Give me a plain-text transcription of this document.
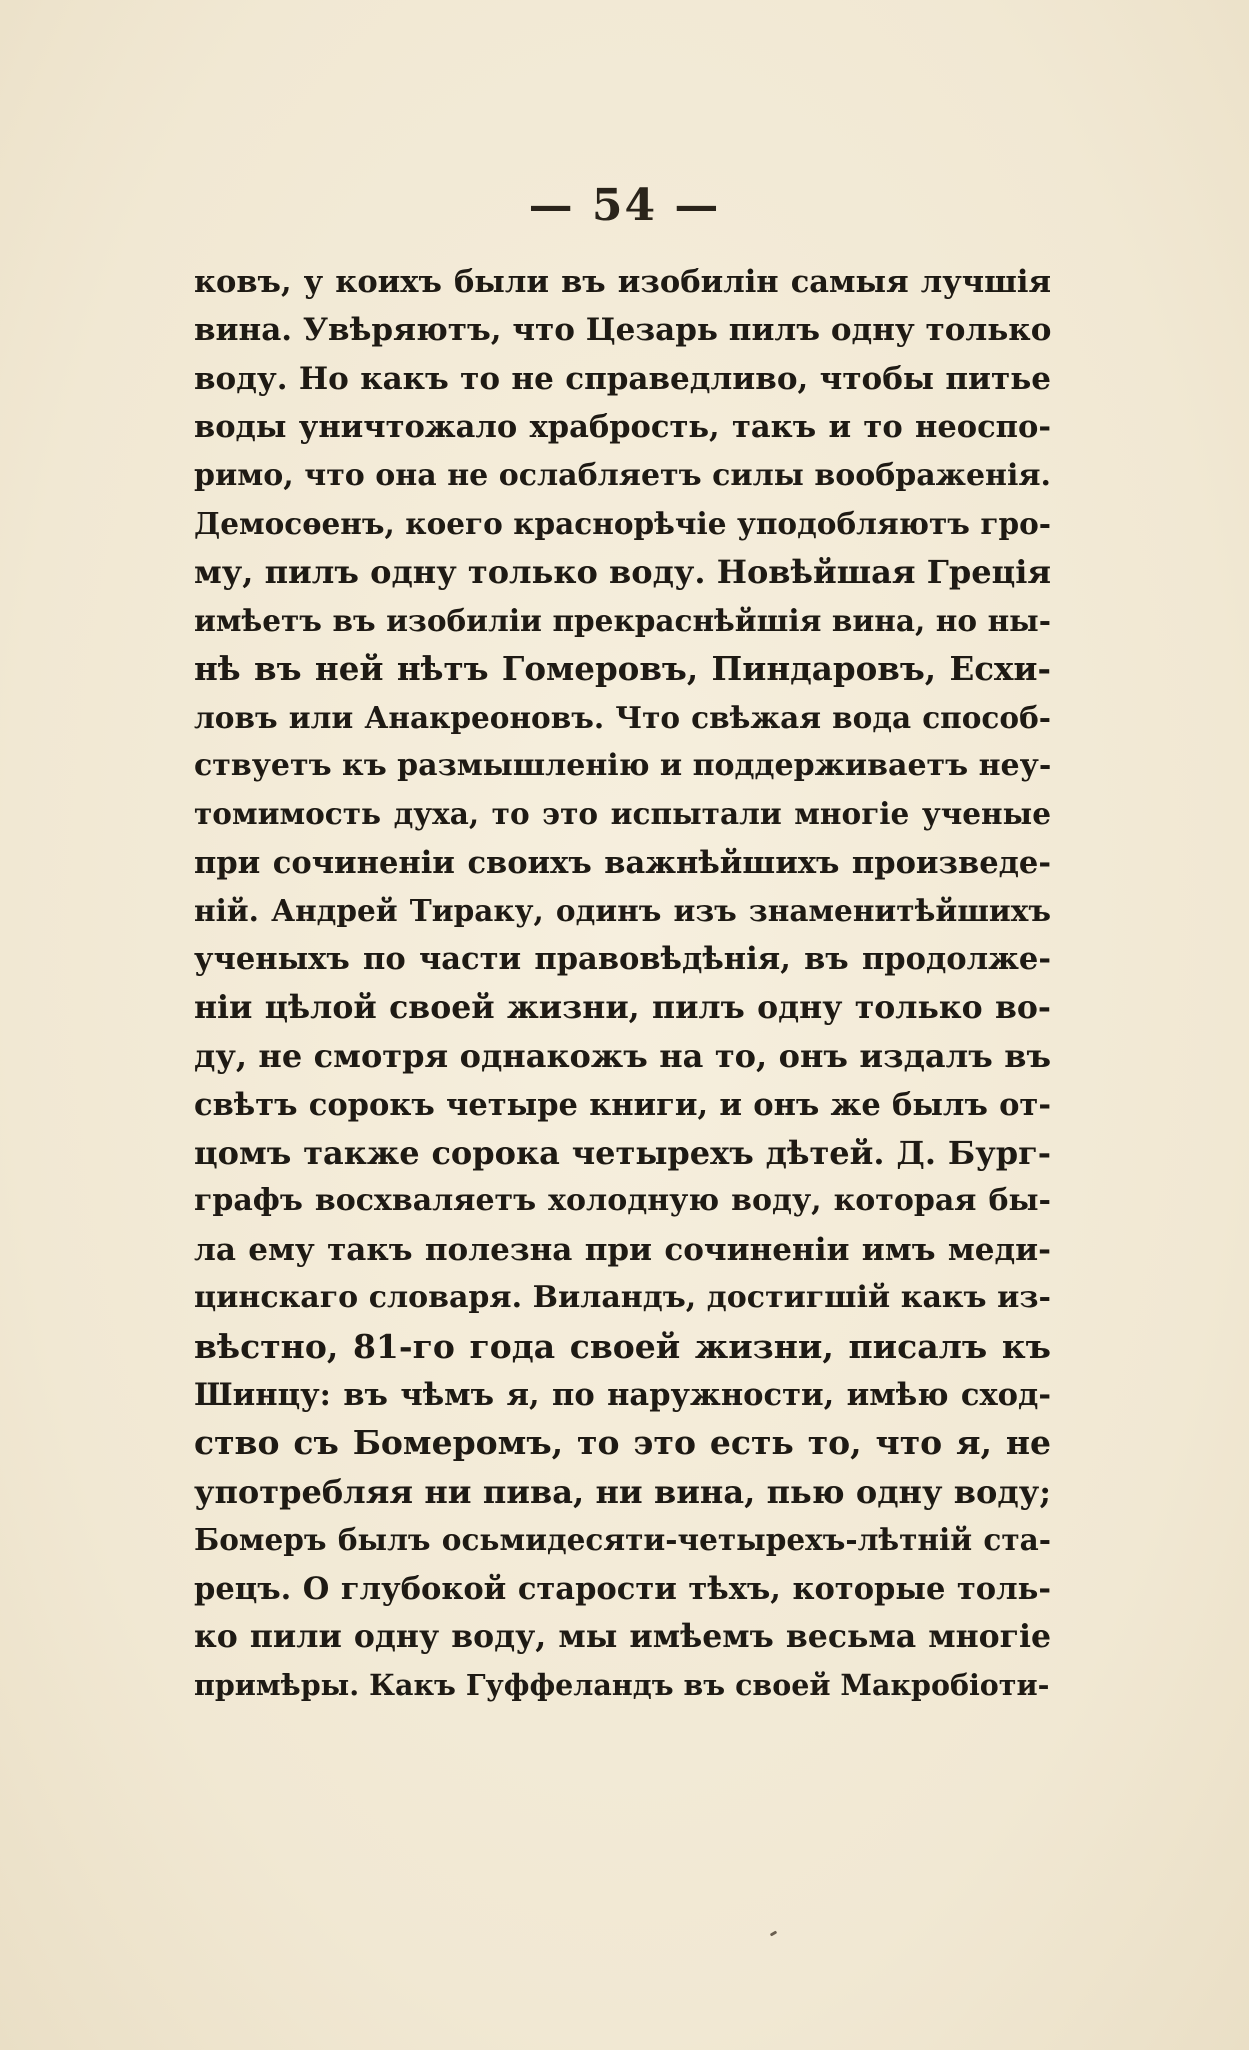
— 54 —
ковъ, у коихъ были въ изобилін самыя лучшія
вина. Увѣряютъ, что Цезарь пилъ одну только
воду. Но какъ то не справедливо, чтобы питье
воды уничтожало храбрость, такъ и то неоспо-
римо, что она не ослабляетъ силы воображенія.
Демосѳенъ, коего краснорѣчіе уподобляютъ гро-
му, пилъ одну только воду. Новѣйшая Греція
имѣетъ въ изобиліи прекраснѣйшія вина, но ны-
нѣ въ ней нѣтъ Гомеровъ, Пиндаровъ, Есхи-
ловъ или Анакреоновъ. Что свѣжая вода способ-
ствуетъ къ размышленію и поддерживаетъ неу-
томимость духа, то это испытали многіе ученые
при сочиненіи своихъ важнѣйшихъ произведе-
ній. Андрей Тираку, одинъ изъ знаменитѣйшихъ
ученыхъ по части правовѣдѣнія, въ продолже-
ніи цѣлой своей жизни, пилъ одну только во-
ду, не смотря однакожъ на то, онъ издалъ въ
свѣтъ сорокъ четыре книги, и онъ же былъ от-
цомъ также сорока четырехъ дѣтей. Д. Бург-
графъ восхваляетъ холодную воду, которая бы-
ла ему такъ полезна при сочиненіи имъ меди-
цинскаго словаря. Виландъ, достигшій какъ из-
вѣстно, 81-го года своей жизни, писалъ къ
Шинцу: въ чѣмъ я, по наружности, имѣю сход-
ство съ Бомеромъ, то это есть то, что я, не
употребляя ни пива, ни вина, пью одну воду;
Бомеръ былъ осьмидесяти-четырехъ-лѣтній ста-
рецъ. О глубокой старости тѣхъ, которые толь-
ко пили одну воду, мы имѣемъ весьма многіе
примѣры. Какъ Гуффеландъ въ своей Макробіоти-
